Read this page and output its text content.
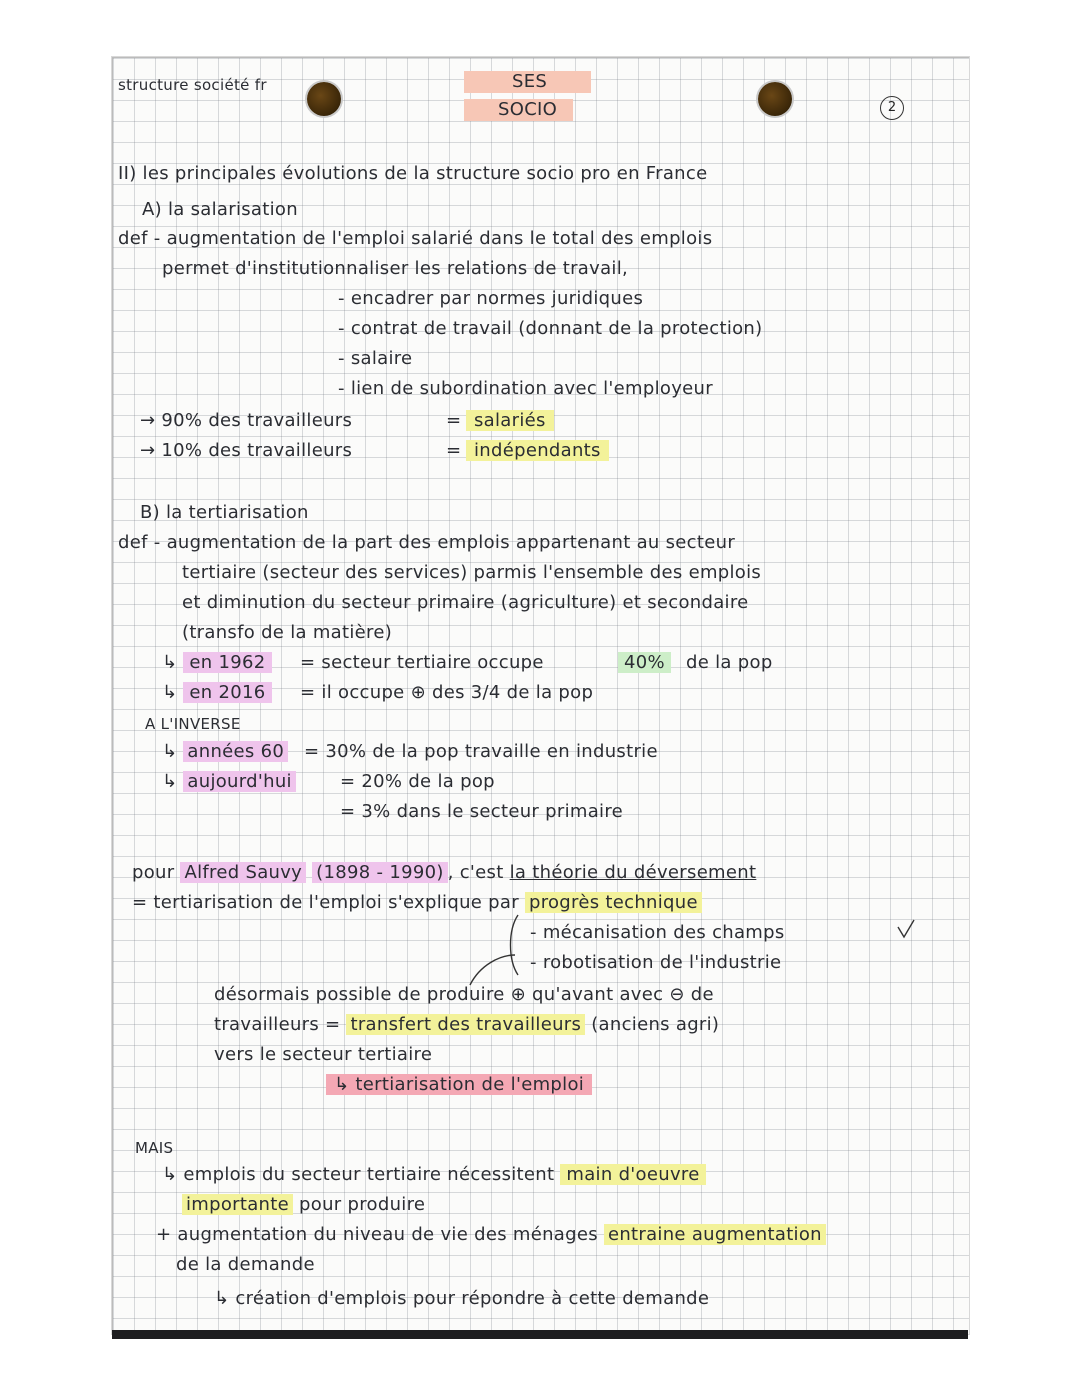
structure société fr	SES
SOCIO	2
II) les principales évolutions de la structure socio pro en France
A) la salarisation
def - augmentation de l'emploi salarié dans le total des emplois
permet d'institutionnaliser les relations de travail,
- encadrer par normes juridiques
- contrat de travail (donnant de la protection)
- salaire
- lien de subordination avec l'employeur
→ 90% des travailleurs	= salariés
→ 10% des travailleurs	= indépendants
B) la tertiarisation
def - augmentation de la part des emplois appartenant au secteur
tertiaire (secteur des services) parmis l'ensemble des emplois
et diminution du secteur primaire (agriculture) et secondaire
(transfo de la matière)
↳ en 1962	= secteur tertiaire occupe	40%	de la pop
↳ en 2016	= il occupe ⊕ des 3/4 de la pop
A L'INVERSE
↳ années 60 = 30% de la pop travaille en industrie
↳ aujourd'hui	= 20% de la pop
= 3% dans le secteur primaire
pour Alfred Sauvy (1898 - 1990) , c'est la théorie du déversement
= tertiarisation de l'emploi s'explique par progrès technique
- mécanisation des champs
- robotisation de l'industrie
désormais possible de produire ⊕ qu'avant avec ⊖ de
travailleurs = transfert des travailleurs (anciens agri)
vers le secteur tertiaire
↳ tertiarisation de l'emploi
MAIS
↳ emplois du secteur tertiaire nécessitent main d'oeuvre
importante pour produire
+ augmentation du niveau de vie des ménages entraine augmentation
de la demande
↳ création d'emplois pour répondre à cette demande
